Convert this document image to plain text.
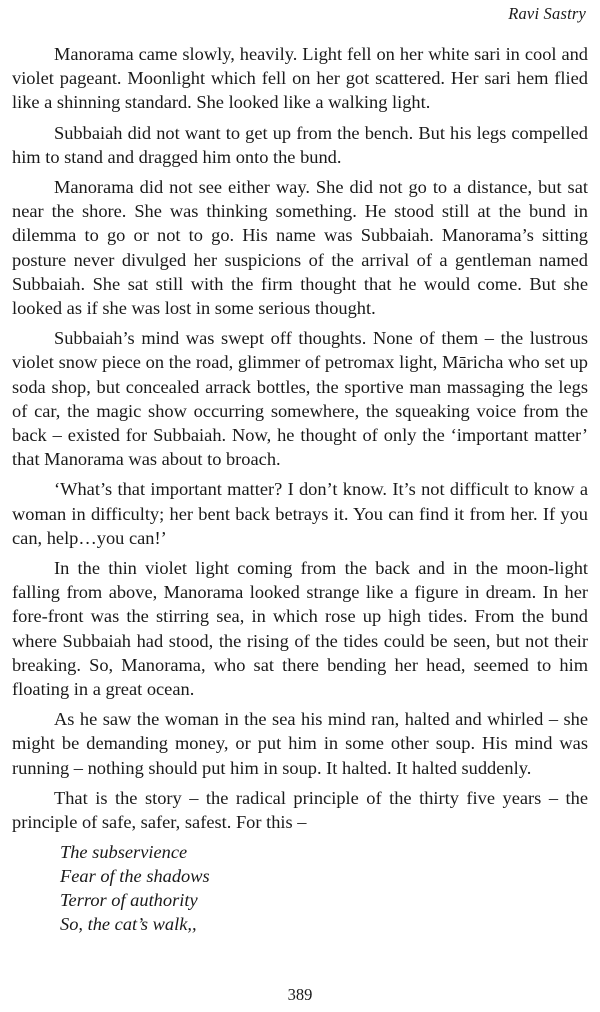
Ravi Sastry

Manorama came slowly, heavily. Light fell on her white sari in cool and violet pageant. Moonlight which fell on her got scattered. Her sari hem flied like a shinning standard. She looked like a walking light.

Subbaiah did not want to get up from the bench. But his legs compelled him to stand and dragged him onto the bund.

Manorama did not see either way. She did not go to a distance, but sat near the shore. She was thinking something. He stood still at the bund in dilemma to go or not to go. His name was Subbaiah. Manorama’s sitting posture never divulged her suspicions of the arrival of a gentleman named Subbaiah. She sat still with the firm thought that he would come. But she looked as if she was lost in some serious thought.

Subbaiah’s mind was swept off thoughts. None of them – the lustrous violet snow piece on the road, glimmer of petromax light, Māricha who set up soda shop, but concealed arrack bottles, the sportive man massaging the legs of car, the magic show occurring somewhere, the squeaking voice from the back – existed for Subbaiah. Now, he thought of only the ‘important matter’ that Manorama was about to broach.

‘What’s that important matter? I don’t know. It’s not difficult to know a woman in difficulty; her bent back betrays it. You can find it from her. If you can, help…you can!’

In the thin violet light coming from the back and in the moon-light falling from above, Manorama looked strange like a figure in dream. In her fore-front was the stirring sea, in which rose up high tides. From the bund where Subbaiah had stood, the rising of the tides could be seen, but not their breaking. So, Manorama, who sat there bending her head, seemed to him floating in a great ocean.

As he saw the woman in the sea his mind ran, halted and whirled – she might be demanding money, or put him in some other soup. His mind was running – nothing should put him in soup. It halted. It halted suddenly.

That is the story – the radical principle of the thirty five years – the principle of safe, safer, safest. For this –

The subservience
Fear of the shadows
Terror of authority
So, the cat’s walk,,
389
